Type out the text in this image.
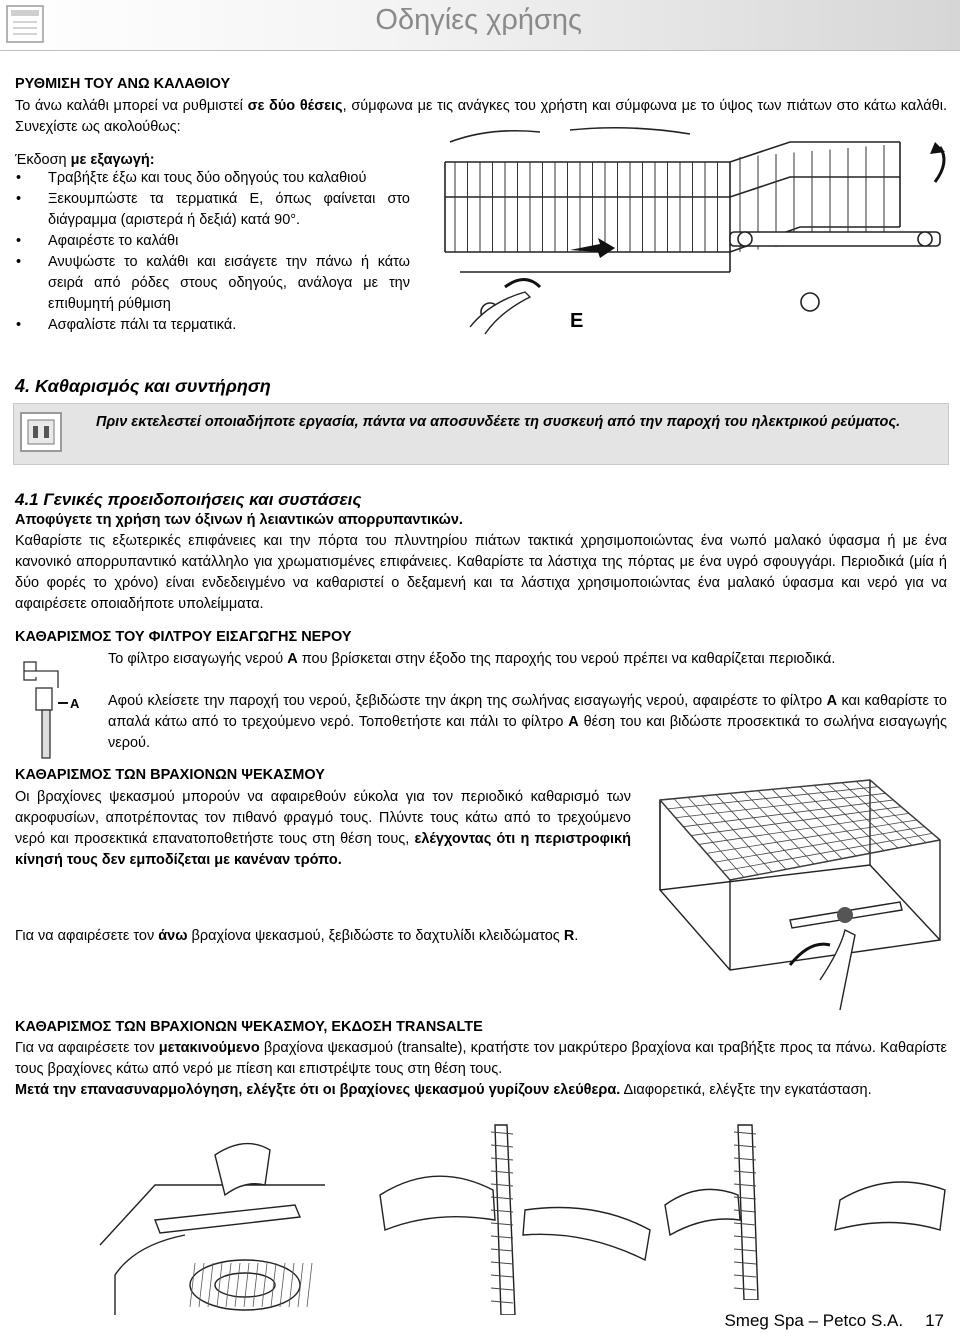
Οδηγίες χρήσης
ΡΥΘΜΙΣΗ ΤΟΥ ΑΝΩ ΚΑΛΑΘΙΟΥ

Το άνω καλάθι μπορεί να ρυθμιστεί σε δύο θέσεις, σύμφωνα με τις ανάγκες του χρήστη και σύμφωνα με το ύψος των πιάτων στο κάτω καλάθι. Συνεχίστε ως ακολούθως:

Έκδοση με εξαγωγή:

• Τραβήξτε έξω και τους δύο οδηγούς του καλαθιού
• Ξεκουμπώστε τα τερματικά Ε, όπως φαίνεται στο διάγραμμα (αριστερά ή δεξιά) κατά 90°.
• Αφαιρέστε το καλάθι
• Ανυψώστε το καλάθι και εισάγετε την πάνω ή κάτω σειρά από ρόδες στους οδηγούς, ανάλογα με την επιθυμητή ρύθμιση
• Ασφαλίστε πάλι τα τερματικά.	E
4. Καθαρισμός και συντήρηση
Πριν εκτελεστεί οποιαδήποτε εργασία, πάντα να αποσυνδέετε τη συσκευή από την παροχή του ηλεκτρικού ρεύματος.
4.1 Γενικές προειδοποιήσεις και συστάσεις
Αποφύγετε τη χρήση των όξινων ή λειαντικών απορρυπαντικών.

Καθαρίστε τις εξωτερικές επιφάνειες και την πόρτα του πλυντηρίου πιάτων τακτικά χρησιμοποιώντας ένα νωπό μαλακό ύφασμα ή με ένα κανονικό απορρυπαντικό κατάλληλο για χρωματισμένες επιφάνειες. Καθαρίστε τα λάστιχα της πόρτας με ένα υγρό σφουγγάρι. Περιοδικά (μία ή δύο φορές το χρόνο) είναι ενδεδειγμένο να καθαριστεί ο δεξαμενή και τα λάστιχα χρησιμοποιώντας ένα μαλακό ύφασμα και νερό για να αφαιρέσετε οποιαδήποτε υπολείμματα.

ΚΑΘΑΡΙΣΜΟΣ ΤΟΥ ΦΙΛΤΡΟΥ ΕΙΣΑΓΩΓΗΣ ΝΕΡΟΥ
A

Το φίλτρο εισαγωγής νερού Α που βρίσκεται στην έξοδο της παροχής του νερού πρέπει να καθαρίζεται περιοδικά.

Αφού κλείσετε την παροχή του νερού, ξεβιδώστε την άκρη της σωλήνας εισαγωγής νερού, αφαιρέστε το φίλτρο Α και καθαρίστε το απαλά κάτω από το τρεχούμενο νερό. Τοποθετήστε και πάλι το φίλτρο Α θέση του και βιδώστε προσεκτικά το σωλήνα εισαγωγής νερού.

ΚΑΘΑΡΙΣΜΟΣ ΤΩΝ ΒΡΑΧΙΟΝΩΝ ΨΕΚΑΣΜΟΥ

Οι βραχίονες ψεκασμού μπορούν να αφαιρεθούν εύκολα για τον περιοδικό καθαρισμό των ακροφυσίων, αποτρέποντας τον πιθανό φραγμό τους. Πλύντε τους κάτω από το τρεχούμενο νερό και προσεκτικά επανατοποθετήστε τους στη θέση τους, ελέγχοντας ότι η περιστροφική κίνησή τους δεν εμποδίζεται με κανέναν τρόπο.

Για να αφαιρέσετε τον άνω βραχίονα ψεκασμού, ξεβιδώστε το δαχτυλίδι κλειδώματος R.

ΚΑΘΑΡΙΣΜΟΣ ΤΩΝ ΒΡΑΧΙΟΝΩΝ ΨΕΚΑΣΜΟΥ, ΕΚΔΟΣΗ TRANSALTE

Για να αφαιρέσετε τον μετακινούμενο βραχίονα ψεκασμού (transalte), κρατήστε τον μακρύτερο βραχίονα και τραβήξτε προς τα πάνω. Καθαρίστε τους βραχίονες κάτω από νερό με πίεση και επιστρέψτε τους στη θέση τους.

Μετά την επανασυναρμολόγηση, ελέγξτε ότι οι βραχίονες ψεκασμού γυρίζουν ελεύθερα. Διαφορετικά, ελέγξτε την εγκατάσταση.

Smeg Spa – Petco S.A. 17
